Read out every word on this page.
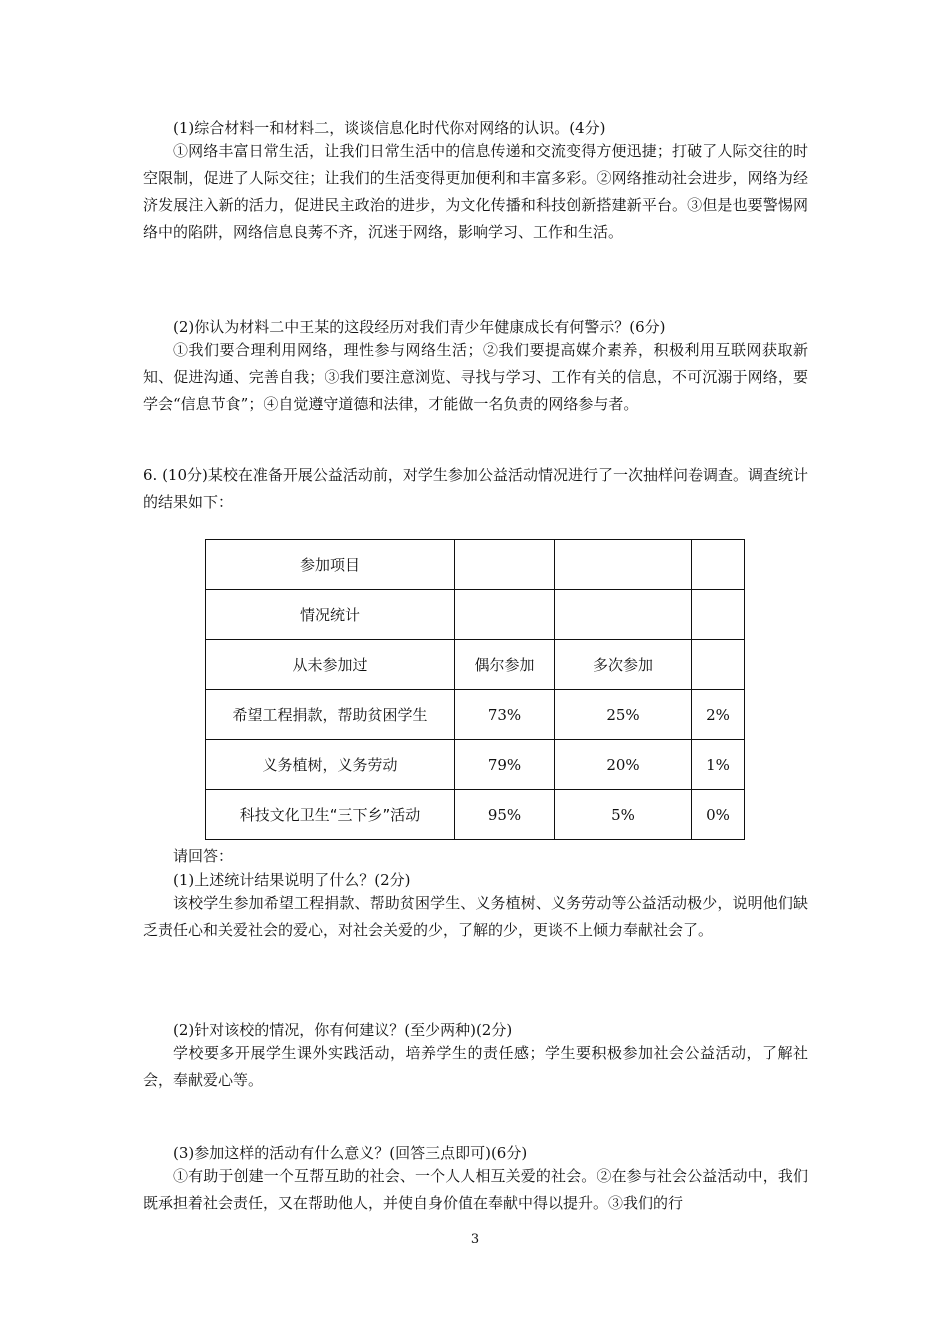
(1)综合材料一和材料二，谈谈信息化时代你对网络的认识。(4分)

①网络丰富日常生活，让我们日常生活中的信息传递和交流变得方便迅捷；打破了人际交往的时空限制，促进了人际交往；让我们的生活变得更加便利和丰富多彩。②网络推动社会进步，网络为经济发展注入新的活力，促进民主政治的进步，为文化传播和科技创新搭建新平台。③但是也要警惕网络中的陷阱，网络信息良莠不齐，沉迷于网络，影响学习、工作和生活。

(2)你认为材料二中王某的这段经历对我们青少年健康成长有何警示？(6分)

①我们要合理利用网络，理性参与网络生活；②我们要提高媒介素养，积极利用互联网获取新知、促进沟通、完善自我；③我们要注意浏览、寻找与学习、工作有关的信息，不可沉溺于网络，要学会“信息节食”；④自觉遵守道德和法律，才能做一名负责的网络参与者。

6. (10分)某校在准备开展公益活动前，对学生参加公益活动情况进行了一次抽样问卷调查。调查统计的结果如下：

参加项目			
情况统计			
从未参加过	偶尔参加	多次参加	
希望工程捐款，帮助贫困学生	73%	25%	2%
义务植树，义务劳动	79%	20%	1%
科技文化卫生“三下乡”活动	95%	5%	0%

请回答：

(1)上述统计结果说明了什么？(2分)

该校学生参加希望工程捐款、帮助贫困学生、义务植树、义务劳动等公益活动极少，说明他们缺乏责任心和关爱社会的爱心，对社会关爱的少，了解的少，更谈不上倾力奉献社会了。

(2)针对该校的情况，你有何建议？(至少两种)(2分)

学校要多开展学生课外实践活动，培养学生的责任感；学生要积极参加社会公益活动，了解社会，奉献爱心等。

(3)参加这样的活动有什么意义？(回答三点即可)(6分)

①有助于创建一个互帮互助的社会、一个人人相互关爱的社会。②在参与社会公益活动中，我们既承担着社会责任，又在帮助他人，并使自身价值在奉献中得以提升。③我们的行

3
